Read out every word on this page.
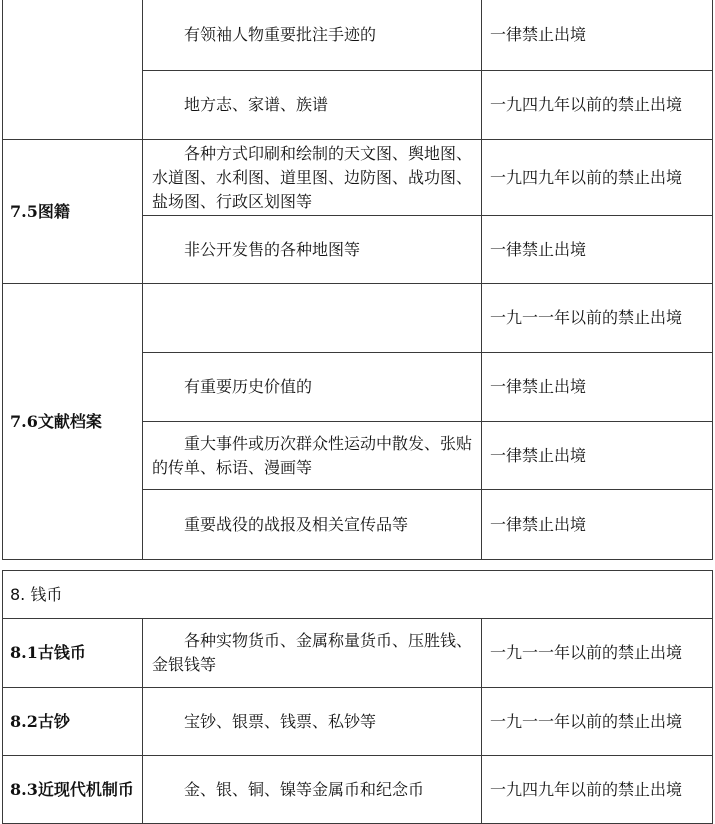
	有领袖人物重要批注手迹的	一律禁止出境
	地方志、家谱、族谱	一九四九年以前的禁止出境
7.5图籍	各种方式印刷和绘制的天文图、舆地图、水道图、水利图、道里图、边防图、战功图、盐场图、行政区划图等	一九四九年以前的禁止出境
	非公开发售的各种地图等	一律禁止出境
7.6文献档案		一九一一年以前的禁止出境
	有重要历史价值的	一律禁止出境
	重大事件或历次群众性运动中散发、张贴的传单、标语、漫画等	一律禁止出境
	重要战役的战报及相关宣传品等	一律禁止出境
8. 钱币		
8.1古钱币	各种实物货币、金属称量货币、压胜钱、金银钱等	一九一一年以前的禁止出境
8.2古钞	宝钞、银票、钱票、私钞等	一九一一年以前的禁止出境
8.3近现代机制币	金、银、铜、镍等金属币和纪念币	一九四九年以前的禁止出境
